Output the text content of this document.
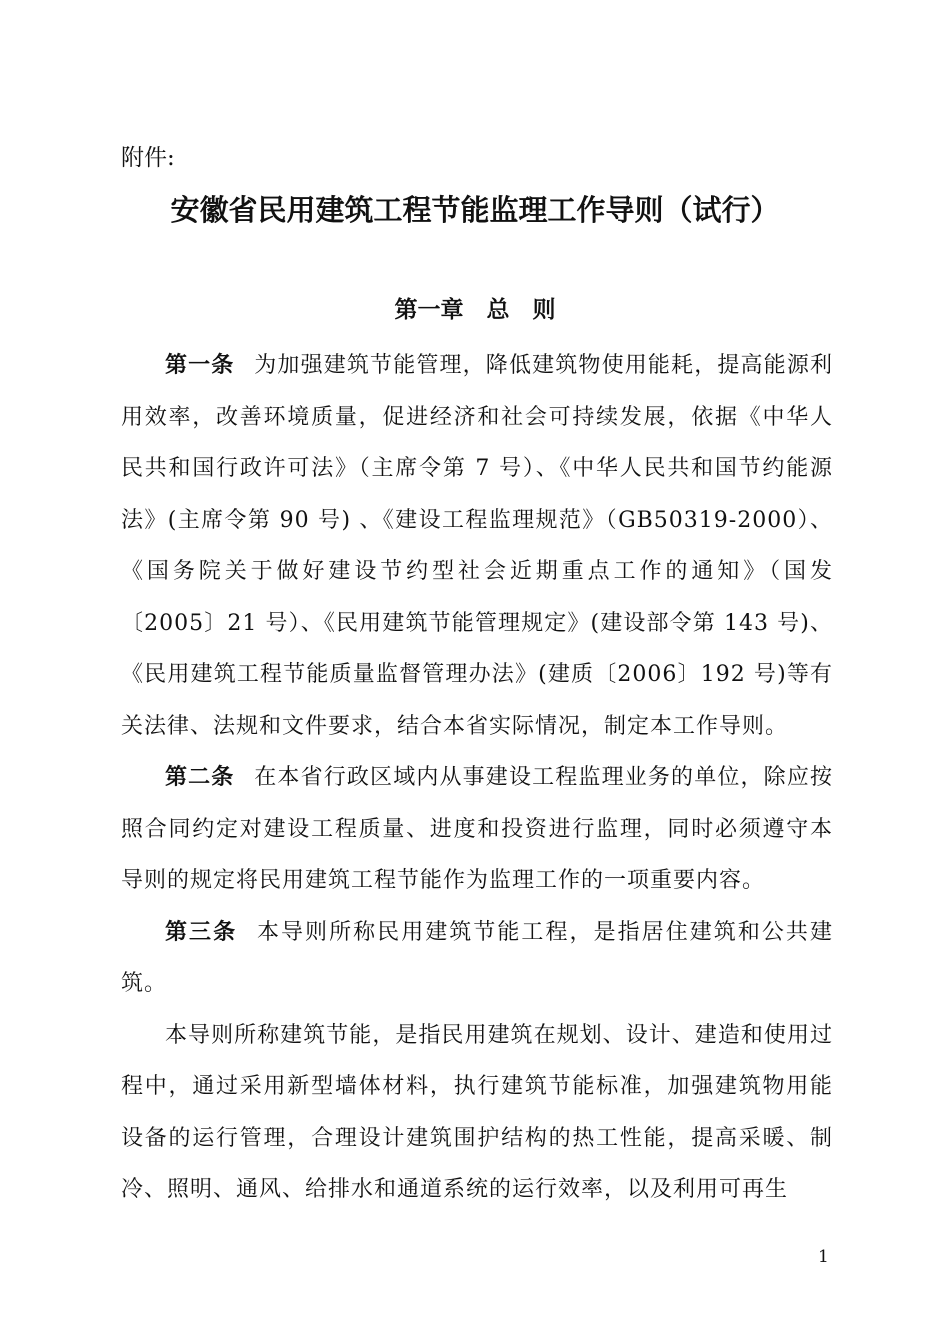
附件:
安徽省民用建筑工程节能监理工作导则（试行）
第一章　总　则

第一条 为加强建筑节能管理，降低建筑物使用能耗，提高能源利用效率，改善环境质量，促进经济和社会可持续发展，依据《中华人民共和国行政许可法》（主席令第 7 号）、《中华人民共和国节约能源法》(主席令第 90 号) 、《建设工程监理规范》（GB50319-2000）、《国务院关于做好建设节约型社会近期重点工作的通知》（国发〔2005〕21 号）、《民用建筑节能管理规定》(建设部令第 143 号)、《民用建筑工程节能质量监督管理办法》(建质〔2006〕192 号)等有关法律、法规和文件要求，结合本省实际情况，制定本工作导则。

第二条 在本省行政区域内从事建设工程监理业务的单位，除应按照合同约定对建设工程质量、进度和投资进行监理，同时必须遵守本导则的规定将民用建筑工程节能作为监理工作的一项重要内容。

第三条 本导则所称民用建筑节能工程，是指居住建筑和公共建筑。

本导则所称建筑节能，是指民用建筑在规划、设计、建造和使用过程中，通过采用新型墙体材料，执行建筑节能标准，加强建筑物用能设备的运行管理，合理设计建筑围护结构的热工性能，提高采暖、制冷、照明、通风、给排水和通道系统的运行效率，以及利用可再生

1
